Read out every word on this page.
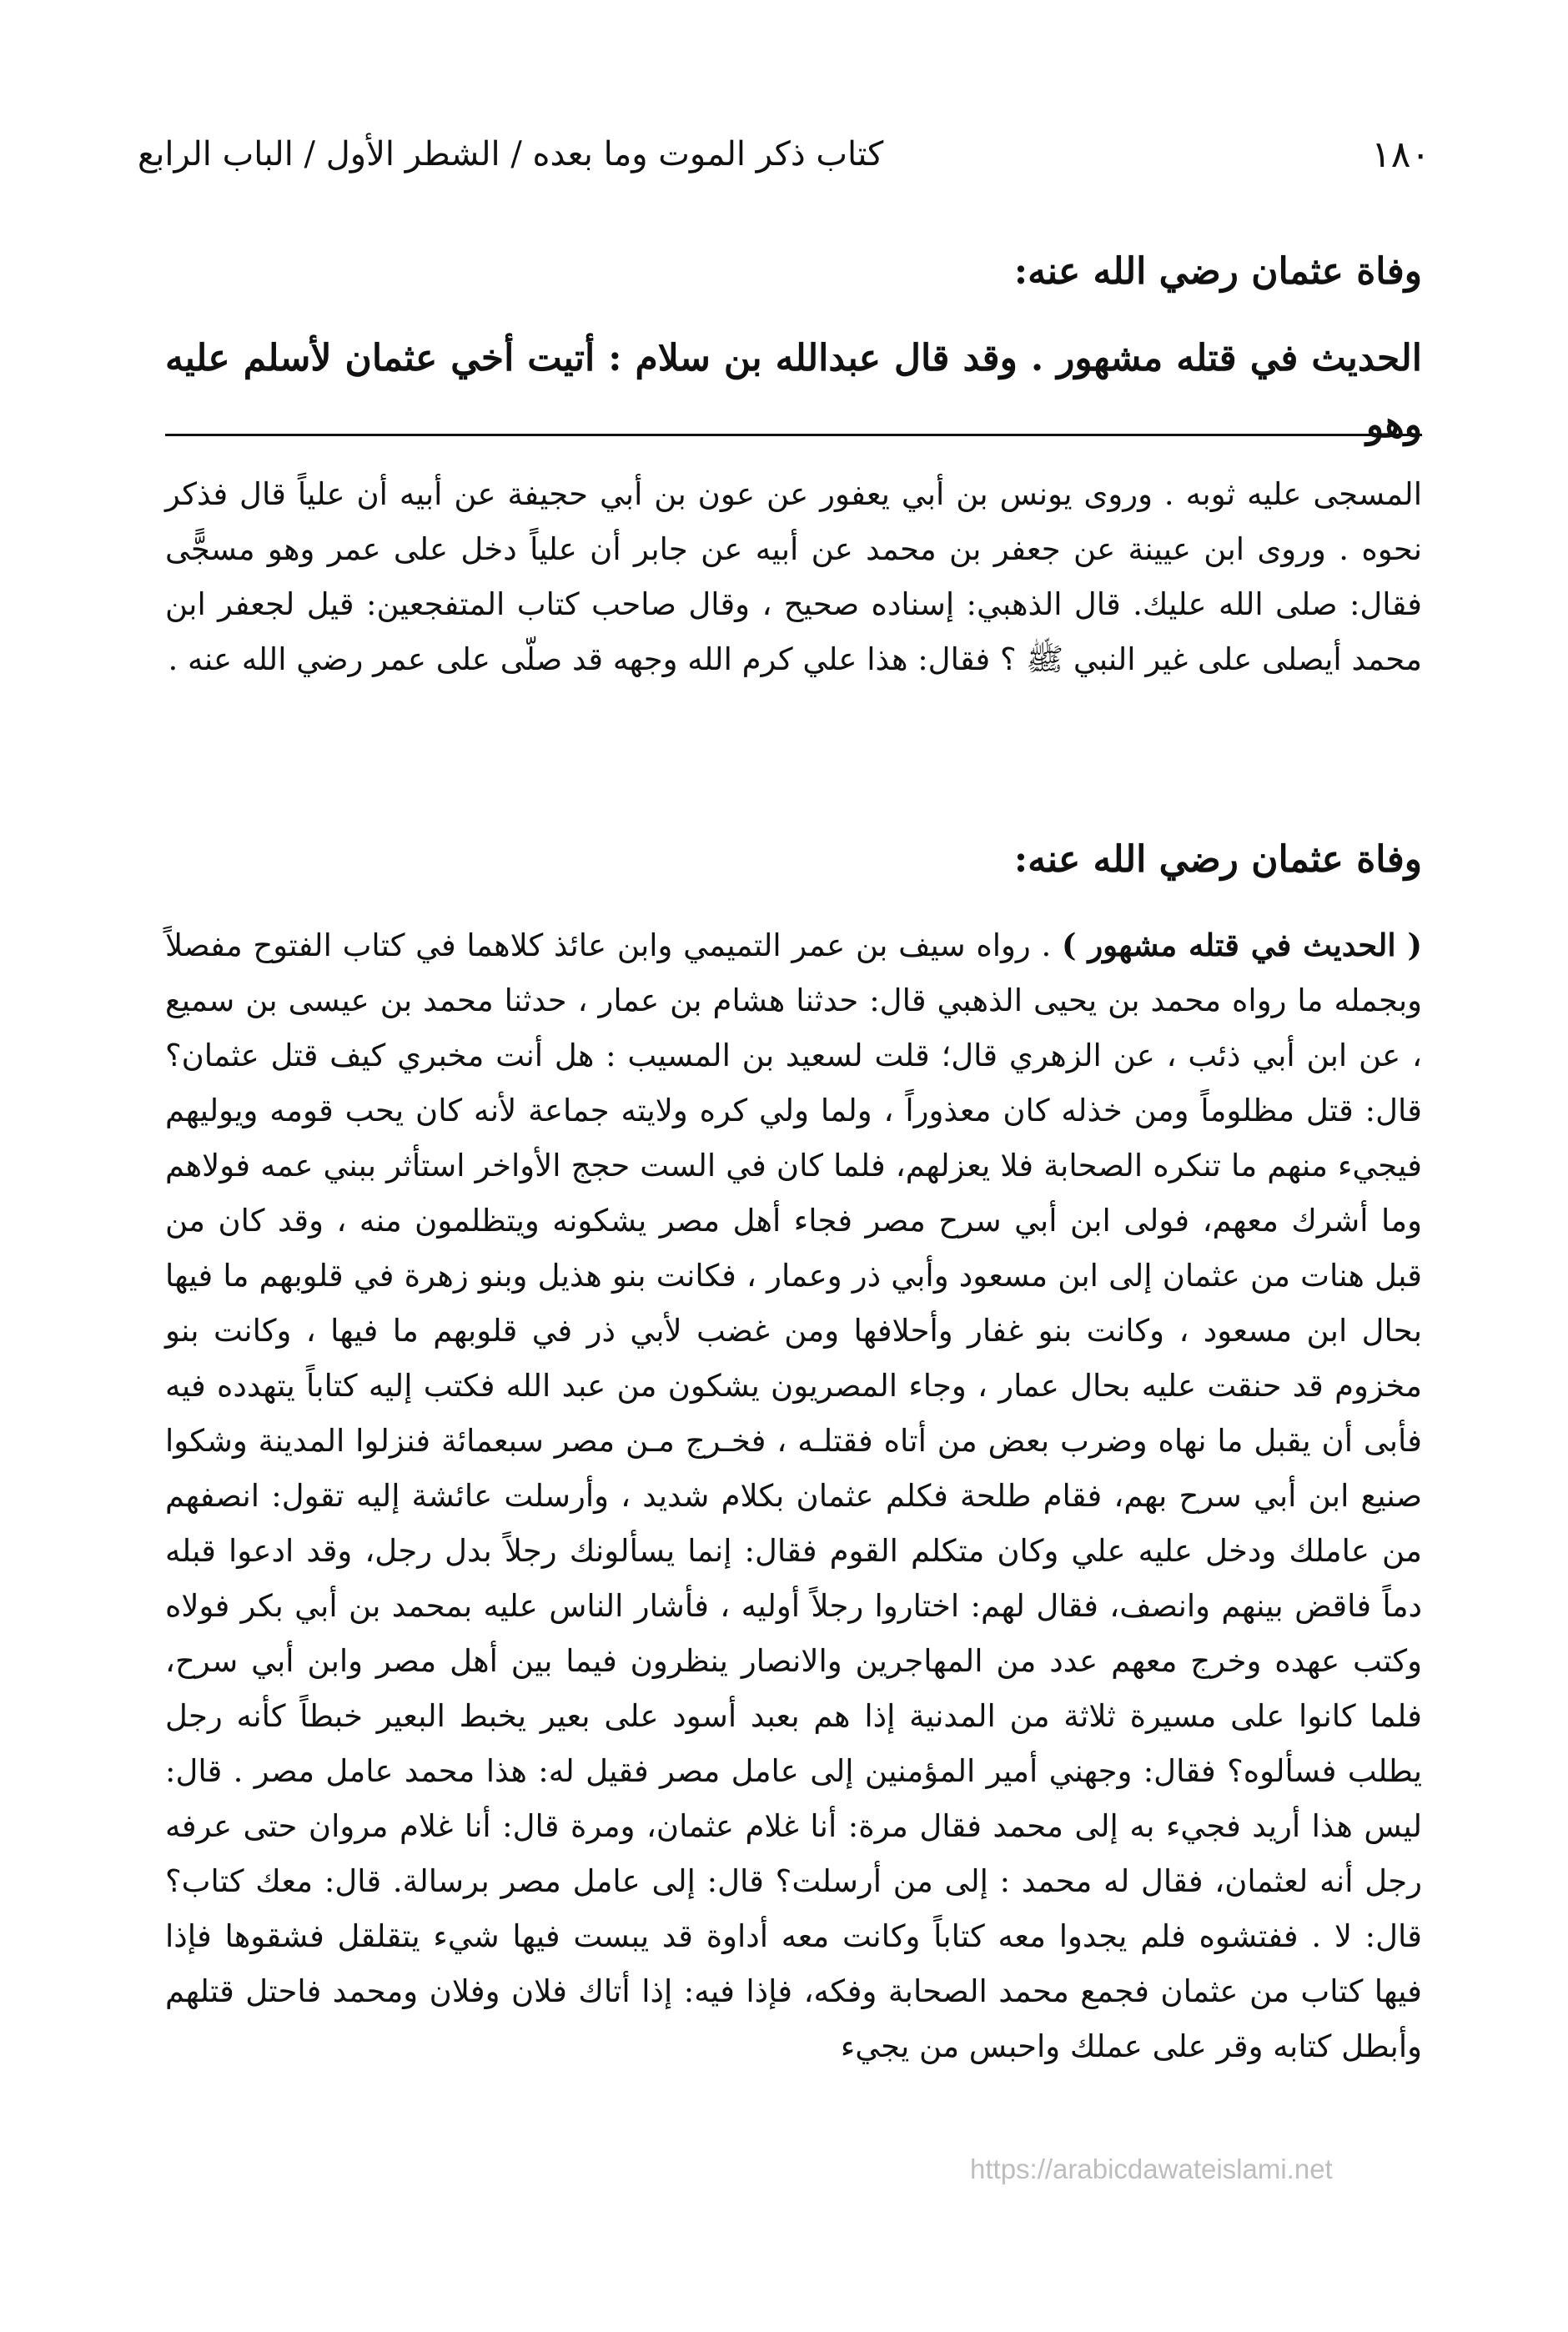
١٨٠
كتاب ذكر الموت وما بعده / الشطر الأول / الباب الرابع
وفاة عثمان رضي الله عنه:
الحديث في قتله مشهور . وقد قال عبدالله بن سلام : أتيت أخي عثمان لأسلم عليه وهو
المسجى عليه ثوبه . وروى يونس بن أبي يعفور عن عون بن أبي حجيفة عن أبيه أن علياً قال فذكر نحوه . وروى ابن عيينة عن جعفر بن محمد عن أبيه عن جابر أن علياً دخل على عمر وهو مسجًّى فقال: صلى الله عليك. قال الذهبي: إسناده صحيح ، وقال صاحب كتاب المتفجعين: قيل لجعفر ابن محمد أيصلى على غير النبي ﷺ ؟ فقال: هذا علي كرم الله وجهه قد صلّى على عمر رضي الله عنه .
وفاة عثمان رضي الله عنه:
( الحديث في قتله مشهور ) . رواه سيف بن عمر التميمي وابن عائذ كلاهما في كتاب الفتوح مفصلاً وبجمله ما رواه محمد بن يحيى الذهبي قال: حدثنا هشام بن عمار ، حدثنا محمد بن عيسى بن سميع ، عن ابن أبي ذئب ، عن الزهري قال؛ قلت لسعيد بن المسيب : هل أنت مخبري كيف قتل عثمان؟ قال: قتل مظلوماً ومن خذله كان معذوراً ، ولما ولي كره ولايته جماعة لأنه كان يحب قومه ويوليهم فيجيء منهم ما تنكره الصحابة فلا يعزلهم، فلما كان في الست حجج الأواخر استأثر ببني عمه فولاهم وما أشرك معهم، فولى ابن أبي سرح مصر فجاء أهل مصر يشكونه ويتظلمون منه ، وقد كان من قبل هنات من عثمان إلى ابن مسعود وأبي ذر وعمار ، فكانت بنو هذيل وبنو زهرة في قلوبهم ما فيها بحال ابن مسعود ، وكانت بنو غفار وأحلافها ومن غضب لأبي ذر في قلوبهم ما فيها ، وكانت بنو مخزوم قد حنقت عليه بحال عمار ، وجاء المصريون يشكون من عبد الله فكتب إليه كتاباً يتهدده فيه فأبى أن يقبل ما نهاه وضرب بعض من أتاه فقتلـه ، فخـرج مـن مصر سبعمائة فنزلوا المدينة وشكوا صنيع ابن أبي سرح بهم، فقام طلحة فكلم عثمان بكلام شديد ، وأرسلت عائشة إليه تقول: انصفهم من عاملك ودخل عليه علي وكان متكلم القوم فقال: إنما يسألونك رجلاً بدل رجل، وقد ادعوا قبله دماً فاقض بينهم وانصف، فقال لهم: اختاروا رجلاً أوليه ، فأشار الناس عليه بمحمد بن أبي بكر فولاه وكتب عهده وخرج معهم عدد من المهاجرين والانصار ينظرون فيما بين أهل مصر وابن أبي سرح، فلما كانوا على مسيرة ثلاثة من المدنية إذا هم بعبد أسود على بعير يخبط البعير خبطاً كأنه رجل يطلب فسألوه؟ فقال: وجهني أمير المؤمنين إلى عامل مصر فقيل له: هذا محمد عامل مصر . قال: ليس هذا أريد فجيء به إلى محمد فقال مرة: أنا غلام عثمان، ومرة قال: أنا غلام مروان حتى عرفه رجل أنه لعثمان، فقال له محمد : إلى من أرسلت؟ قال: إلى عامل مصر برسالة. قال: معك كتاب؟ قال: لا . ففتشوه فلم يجدوا معه كتاباً وكانت معه أداوة قد يبست فيها شيء يتقلقل فشقوها فإذا فيها كتاب من عثمان فجمع محمد الصحابة وفكه، فإذا فيه: إذا أتاك فلان وفلان ومحمد فاحتل قتلهم وأبطل كتابه وقر على عملك واحبس من يجيء
https://arabicdawateislami.net
